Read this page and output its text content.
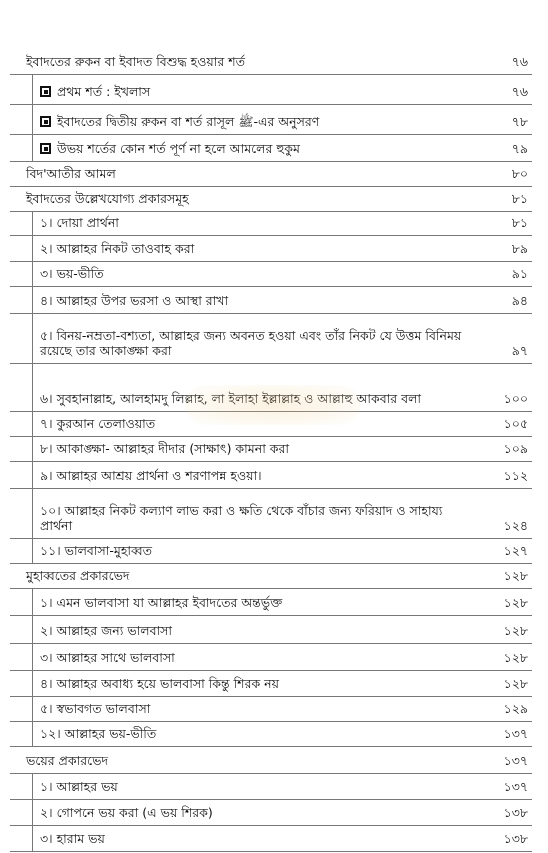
ইবাদতের রুকন বা ইবাদত বিশুদ্ধ হওয়ার শর্ত	৭৬
প্রথম শর্ত : ইখলাস	৭৬
ইবাদতের দ্বিতীয় রুকন বা শর্ত রাসূল ﷺ-এর অনুসরণ	৭৮
উভয় শর্তের কোন শর্ত পূর্ণ না হলে আমলের হুকুম	৭৯
বিদ'আতীর আমল	৮০
ইবাদতের উল্লেখযোগ্য প্রকারসমূহ	৮১
১। দোয়া প্রার্থনা	৮১
২। আল্লাহর নিকট তাওবাহ করা	৮৯
৩। ভয়-ভীতি	৯১
৪। আল্লাহর উপর ভরসা ও আস্থা রাখা	৯৪
৫। বিনয়-নম্রতা-বশ্যতা, আল্লাহর জন্য অবনত হওয়া এবং তাঁর নিকট যে উত্তম বিনিময় রয়েছে তার আকাঙ্ক্ষা করা	৯৭
৬। সুবহানাল্লাহ, আলহামদু লিল্লাহ, লা ইলাহা ইল্লাল্লাহ ও আল্লাহু আকবার বলা	১০০
৭। কুরআন তেলাওয়াত	১০৫
৮। আকাঙ্ক্ষা- আল্লাহর দীদার (সাক্ষাৎ) কামনা করা	১০৯
৯। আল্লাহর আশ্রয় প্রার্থনা ও শরণাপন্ন হওয়া।	১১২
১০। আল্লাহর নিকট কল্যাণ লাভ করা ও ক্ষতি থেকে বাঁচার জন্য ফরিয়াদ ও সাহায্য প্রার্থনা	১২৪
১১। ভালবাসা-মুহাব্বত	১২৭
মুহাব্বতের প্রকারভেদ	১২৮
১। এমন ভালবাসা যা আল্লাহর ইবাদতের অন্তর্ভুক্ত	১২৮
২। আল্লাহর জন্য ভালবাসা	১২৮
৩। আল্লাহর সাথে ভালবাসা	১২৮
৪। আল্লাহর অবাধ্য হয়ে ভালবাসা কিন্তু শিরক নয়	১২৮
৫। স্বভাবগত ভালবাসা	১২৯
১২। আল্লাহর ভয়-ভীতি	১৩৭
ভয়ের প্রকারভেদ	১৩৭
১। আল্লাহর ভয়	১৩৭
২। গোপনে ভয় করা (এ ভয় শিরক)	১৩৮
৩। হারাম ভয়	১৩৮
